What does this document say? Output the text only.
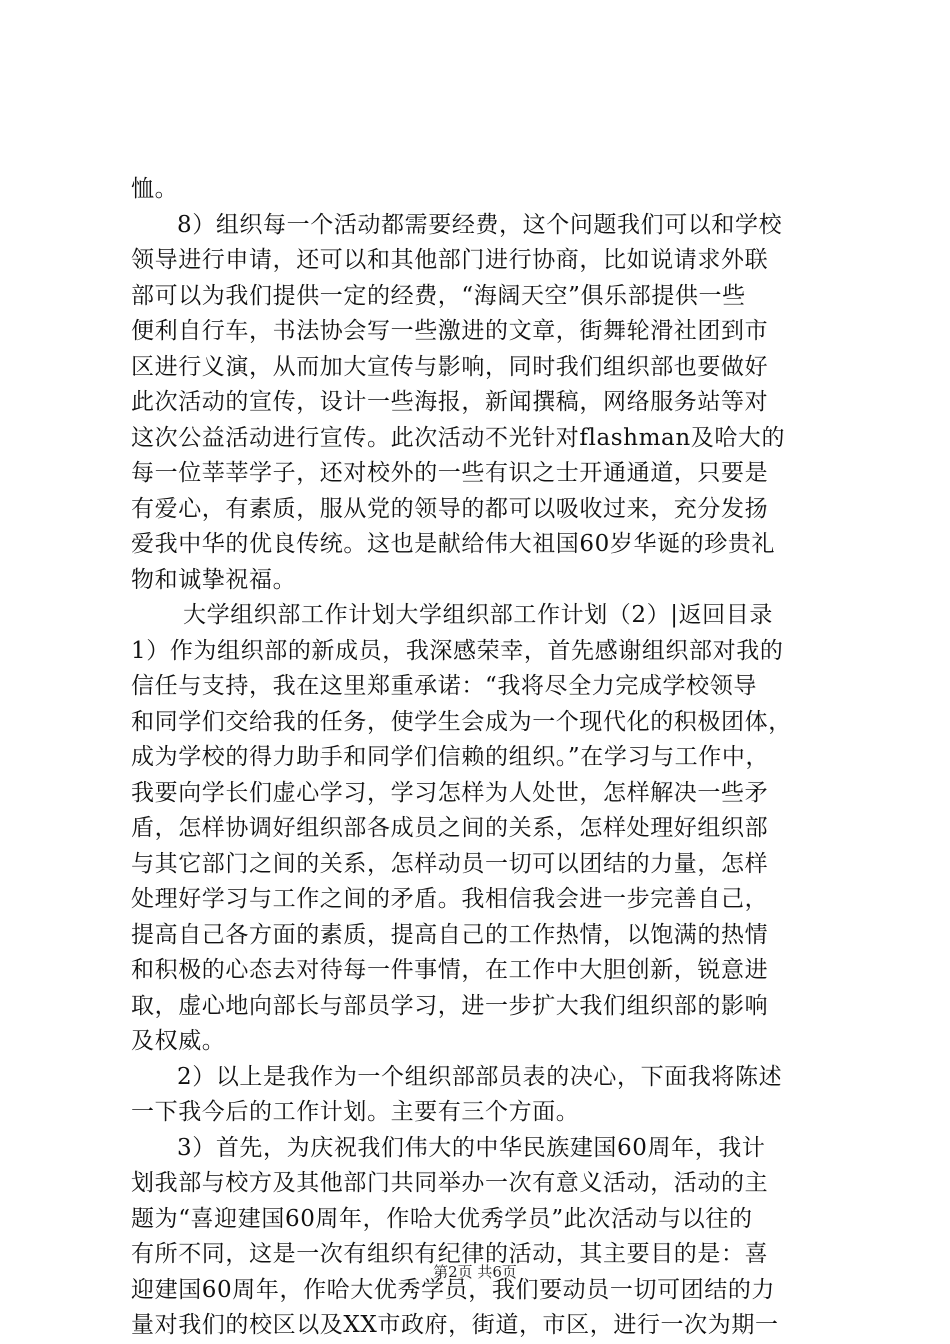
恤。
8）组织每一个活动都需要经费，这个问题我们可以和学校
领导进行申请，还可以和其他部门进行协商，比如说请求外联
部可以为我们提供一定的经费，“海阔天空”俱乐部提供一些
便利自行车，书法协会写一些激进的文章，街舞轮滑社团到市
区进行义演，从而加大宣传与影响，同时我们组织部也要做好
此次活动的宣传，设计一些海报，新闻撰稿，网络服务站等对
这次公益活动进行宣传。此次活动不光针对flashman及哈大的
每一位莘莘学子，还对校外的一些有识之士开通通道，只要是
有爱心，有素质，服从党的领导的都可以吸收过来，充分发扬
爱我中华的优良传统。这也是献给伟大祖国60岁华诞的珍贵礼
物和诚挚祝福。
大学组织部工作计划大学组织部工作计划（2）|返回目录
1）作为组织部的新成员，我深感荣幸，首先感谢组织部对我的
信任与支持，我在这里郑重承诺：“我将尽全力完成学校领导
和同学们交给我的任务，使学生会成为一个现代化的积极团体，
成为学校的得力助手和同学们信赖的组织。”在学习与工作中，
我要向学长们虚心学习，学习怎样为人处世，怎样解决一些矛
盾，怎样协调好组织部各成员之间的关系，怎样处理好组织部
与其它部门之间的关系，怎样动员一切可以团结的力量，怎样
处理好学习与工作之间的矛盾。我相信我会进一步完善自己，
提高自己各方面的素质，提高自己的工作热情，以饱满的热情
和积极的心态去对待每一件事情，在工作中大胆创新，锐意进
取，虚心地向部长与部员学习，进一步扩大我们组织部的影响
及权威。
2）以上是我作为一个组织部部员表的决心，下面我将陈述
一下我今后的工作计划。主要有三个方面。
3）首先，为庆祝我们伟大的中华民族建国60周年，我计
划我部与校方及其他部门共同举办一次有意义活动，活动的主
题为“喜迎建国60周年，作哈大优秀学员”此次活动与以往的
有所不同，这是一次有组织有纪律的活动，其主要目的是：喜
迎建国60周年，作哈大优秀学员，我们要动员一切可团结的力
量对我们的校区以及XX市政府，街道，市区，进行一次为期一
第2页 共6页
